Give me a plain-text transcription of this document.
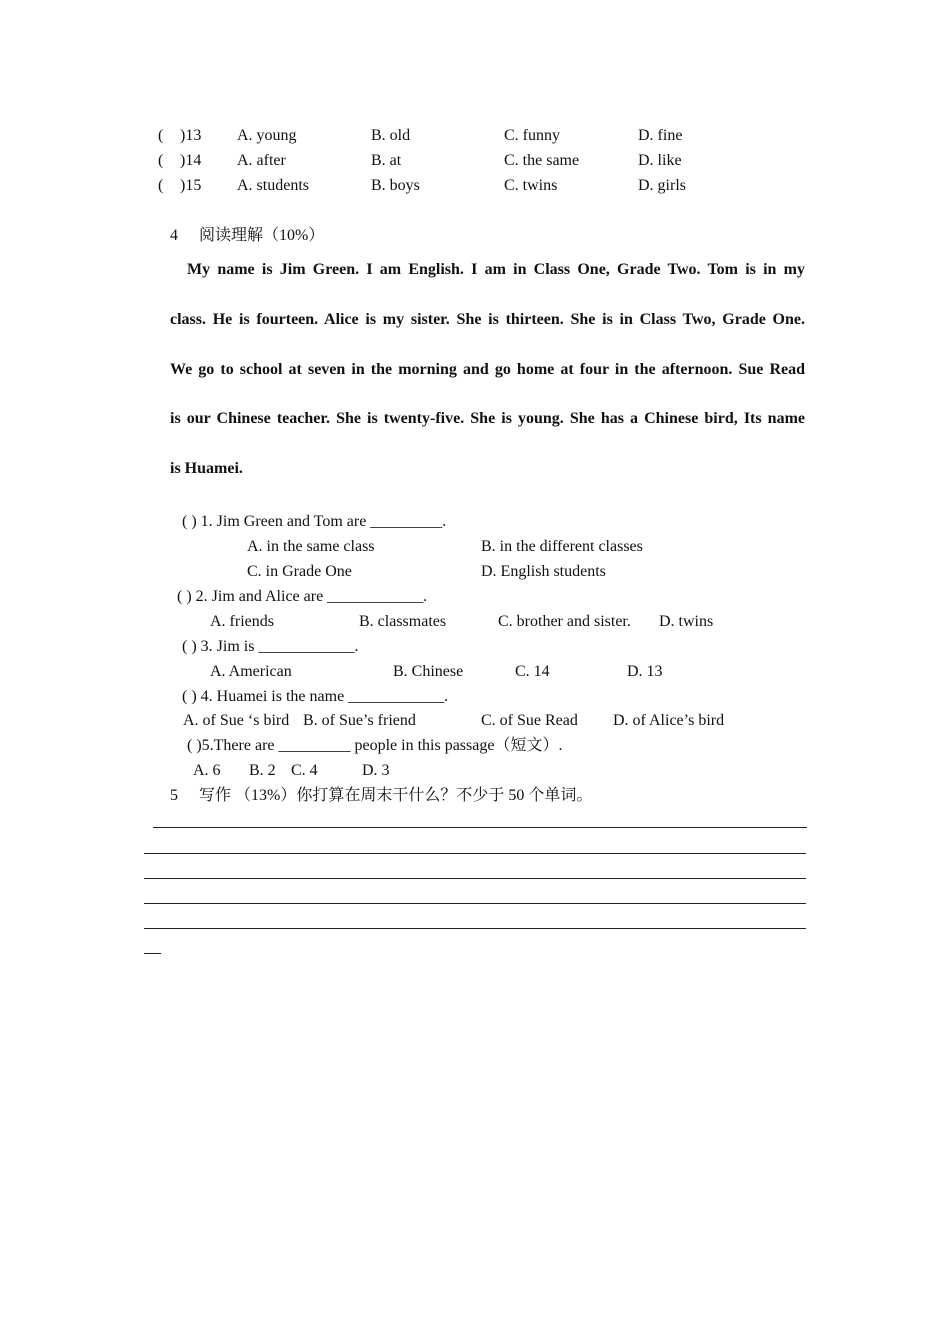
( )13 A. young	B. old	C. funny	D. fine
( )14 A. after	B. at	C. the same	D. like
( )15 A. students	B. boys	C. twins	D. girls
4 阅读理解（10%）
My name is Jim Green. I am English. I am in Class One, Grade Two. Tom is in my
class. He is fourteen. Alice is my sister. She is thirteen. She is in Class Two, Grade One.
We go to school at seven in the morning and go home at four in the afternoon. Sue Read
is our Chinese teacher. She is twenty-five. She is young. She has a Chinese bird, Its name
is Huamei.
( ) 1. Jim Green and Tom are _________.
A. in the same class	B. in the different classes
C. in Grade One	D. English students
( ) 2. Jim and Alice are ____________.
A. friends	B. classmates	C. brother and sister. D. twins
( ) 3. Jim is ____________.
A. American	B. Chinese	C. 14	D. 13
( ) 4. Huamei is the name ____________.
A. of Sue ‘s bird B. of Sue’s friend	C. of Sue Read D. of Alice’s bird
( )5.There are _________ people in this passage（短文）.
A. 6 B. 2 C. 4	D. 3
5 写作 （13%）你打算在周末干什么？不少于 50 个单词。
